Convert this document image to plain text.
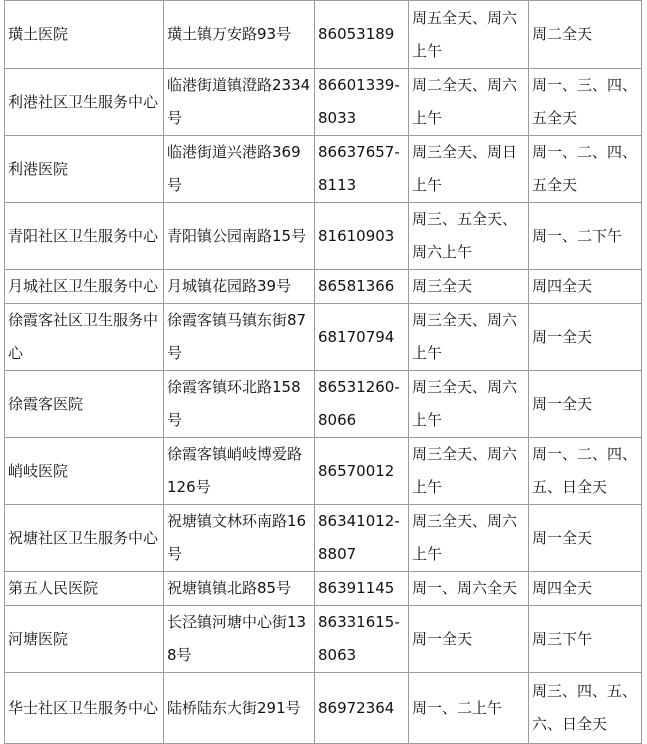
璜土医院	璜土镇万安路93号	86053189	周五全天、周六上午	周二全天
利港社区卫生服务中心	临港街道镇澄路2334号	86601339-8033	周二全天、周六上午	周一、三、四、五全天
利港医院	临港街道兴港路369号	86637657-8113	周三全天、周日上午	周一、二、四、五全天
青阳社区卫生服务中心	青阳镇公园南路15号	81610903	周三、五全天、周六上午	周一、二下午
月城社区卫生服务中心	月城镇花园路39号	86581366	周三全天	周四全天
徐霞客社区卫生服务中心	徐霞客镇马镇东街87号	68170794	周三全天、周六上午	周一全天
徐霞客医院	徐霞客镇环北路158号	86531260-8066	周三全天、周六上午	周一全天
峭岐医院	徐霞客镇峭岐博爱路126号	86570012	周三全天、周六上午	周一、二、四、五、日全天
祝塘社区卫生服务中心	祝塘镇文林环南路16号	86341012-8807	周三全天、周六上午	周一全天
第五人民医院	祝塘镇镇北路85号	86391145	周一、周六全天	周四全天
河塘医院	长泾镇河塘中心街138号	86331615-8063	周一全天	周三下午
华士社区卫生服务中心	陆桥陆东大街291号	86972364	周一、二上午	周三、四、五、六、日全天
